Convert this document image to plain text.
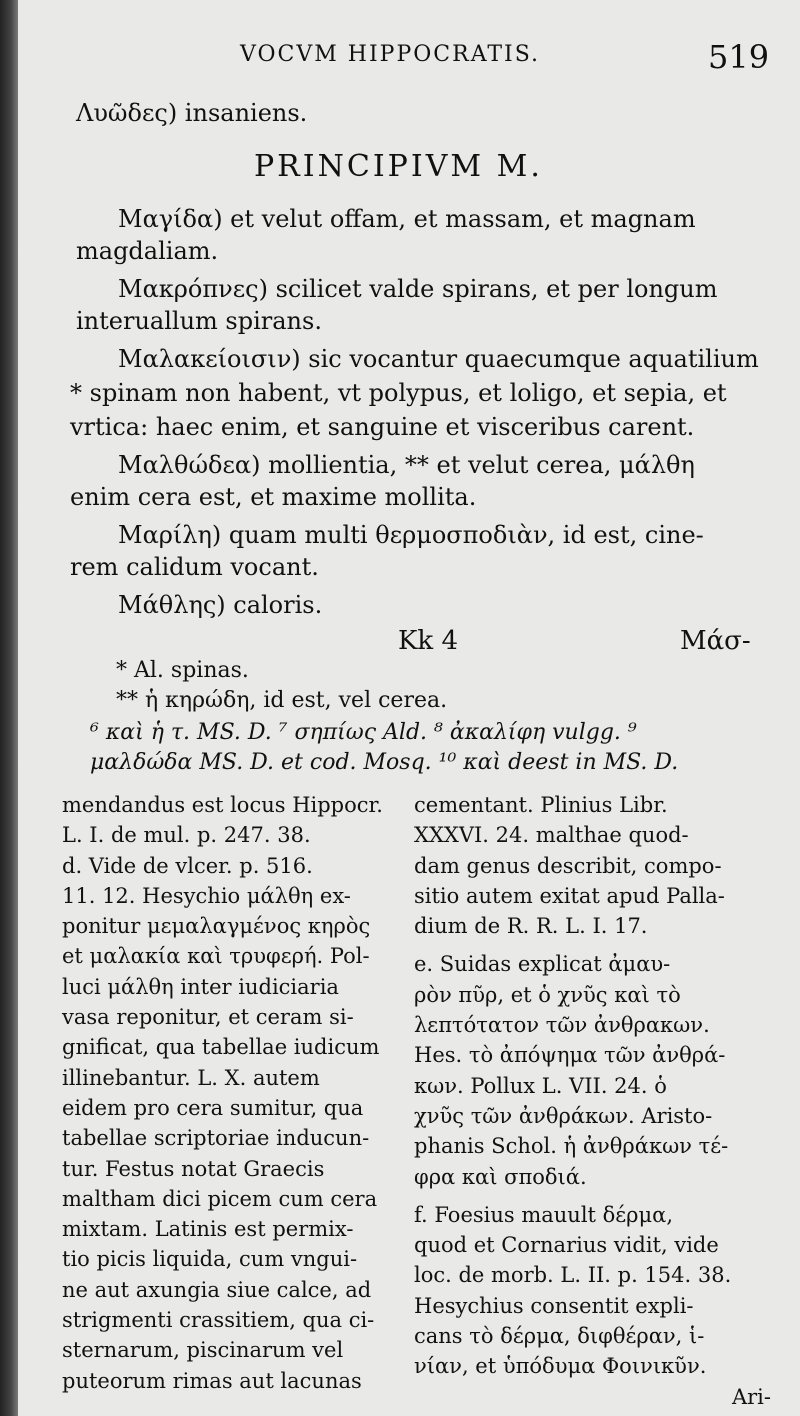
VOCVM HIPPOCRATIS.	519
Λυῶδες) insaniens.
PRINCIPIVM M.
Μαγίδα) et velut offam, et massam, et magnam
magdaliam.
Μακρόπνες) scilicet valde spirans, et per longum
interuallum spirans.
Μαλακείοισιν) sic vocantur quaecumque aquatilium
* spinam non habent, vt polypus, et loligo, et sepia, et
vrtica: haec enim, et sanguine et visceribus carent.
Μαλθώδεα) mollientia, ** et velut cerea, μάλθη
enim cera est, et maxime mollita.
Μαρίλη) quam multi θερμοσποδιὰν, id est, cine-
rem calidum vocant.
Μάθλης) caloris.
Kk 4	Μάσ-
* Al. spinas.
** ἡ κηρώδη, id est, vel cerea.
⁶ καὶ ἡ τ. MS. D. ⁷ σηπίως Ald. ⁸ ἀκαλίφη vulgg. ⁹
μαλδώδα MS. D. et cod. Mosq. ¹⁰ καὶ deest in MS. D.
mendandus est locus Hippocr.
L. I. de mul. p. 247. 38.
d. Vide de vlcer. p. 516.
11. 12. Hesychio μάλθη ex-
ponitur μεμαλαγμένος κηρὸς
et μαλακία καὶ τρυφερή. Pol-
luci μάλθη inter iudiciaria
vasa reponitur, et ceram si-
gnificat, qua tabellae iudicum
illinebantur. L. X. autem
eidem pro cera sumitur, qua
tabellae scriptoriae inducun-
tur. Festus notat Graecis
maltham dici picem cum cera
mixtam. Latinis est permix-
tio picis liquida, cum vngui-
ne aut axungia siue calce, ad
strigmenti crassitiem, qua ci-
sternarum, piscinarum vel
puteorum rimas aut lacunas
cementant. Plinius Libr.
XXXVI. 24. malthae quod-
dam genus describit, compo-
sitio autem exitat apud Palla-
dium de R. R. L. I. 17.
e. Suidas explicat ἀμαυ-
ρὸν πῦρ, et ὁ χνῦς καὶ τὸ
λεπτότατον τῶν ἀνθρακων.
Hes. τὸ ἀπόψημα τῶν ἀνθρά-
κων. Pollux L. VII. 24. ὁ
χνῦς τῶν ἀνθράκων. Aristo-
phanis Schol. ἡ ἀνθράκων τέ-
φρα καὶ σποδιά.
f. Foesius mauult δέρμα,
quod et Cornarius vidit, vide
loc. de morb. L. II. p. 154. 38.
Hesychius consentit expli-
cans τὸ δέρμα, διφθέραν, ἱ-
νίαν, et ὑπόδυμα Φοινικῦν.
Ari-
